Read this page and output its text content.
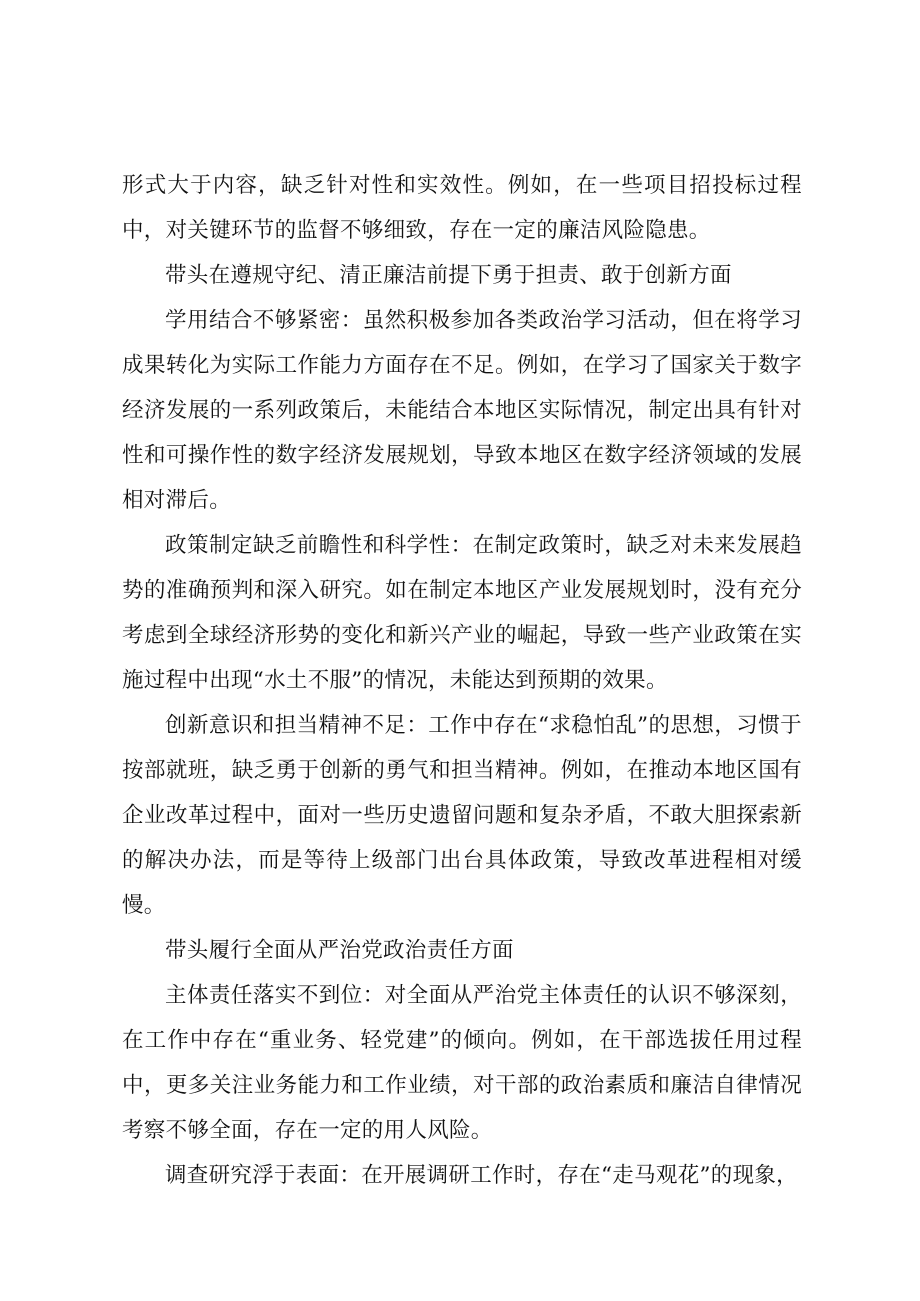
形式大于内容，缺乏针对性和实效性。例如，在一些项目招投标过程中，对关键环节的监督不够细致，存在一定的廉洁风险隐患。

带头在遵规守纪、清正廉洁前提下勇于担责、敢于创新方面

学用结合不够紧密：虽然积极参加各类政治学习活动，但在将学习成果转化为实际工作能力方面存在不足。例如，在学习了国家关于数字经济发展的一系列政策后，未能结合本地区实际情况，制定出具有针对性和可操作性的数字经济发展规划，导致本地区在数字经济领域的发展相对滞后。

政策制定缺乏前瞻性和科学性：在制定政策时，缺乏对未来发展趋势的准确预判和深入研究。如在制定本地区产业发展规划时，没有充分考虑到全球经济形势的变化和新兴产业的崛起，导致一些产业政策在实施过程中出现“水土不服”的情况，未能达到预期的效果。

创新意识和担当精神不足：工作中存在“求稳怕乱”的思想，习惯于按部就班，缺乏勇于创新的勇气和担当精神。例如，在推动本地区国有企业改革过程中，面对一些历史遗留问题和复杂矛盾，不敢大胆探索新的解决办法，而是等待上级部门出台具体政策，导致改革进程相对缓慢。

带头履行全面从严治党政治责任方面

主体责任落实不到位：对全面从严治党主体责任的认识不够深刻，在工作中存在“重业务、轻党建”的倾向。例如，在干部选拔任用过程中，更多关注业务能力和工作业绩，对干部的政治素质和廉洁自律情况考察不够全面，存在一定的用人风险。

调查研究浮于表面：在开展调研工作时，存在“走马观花”的现象，
